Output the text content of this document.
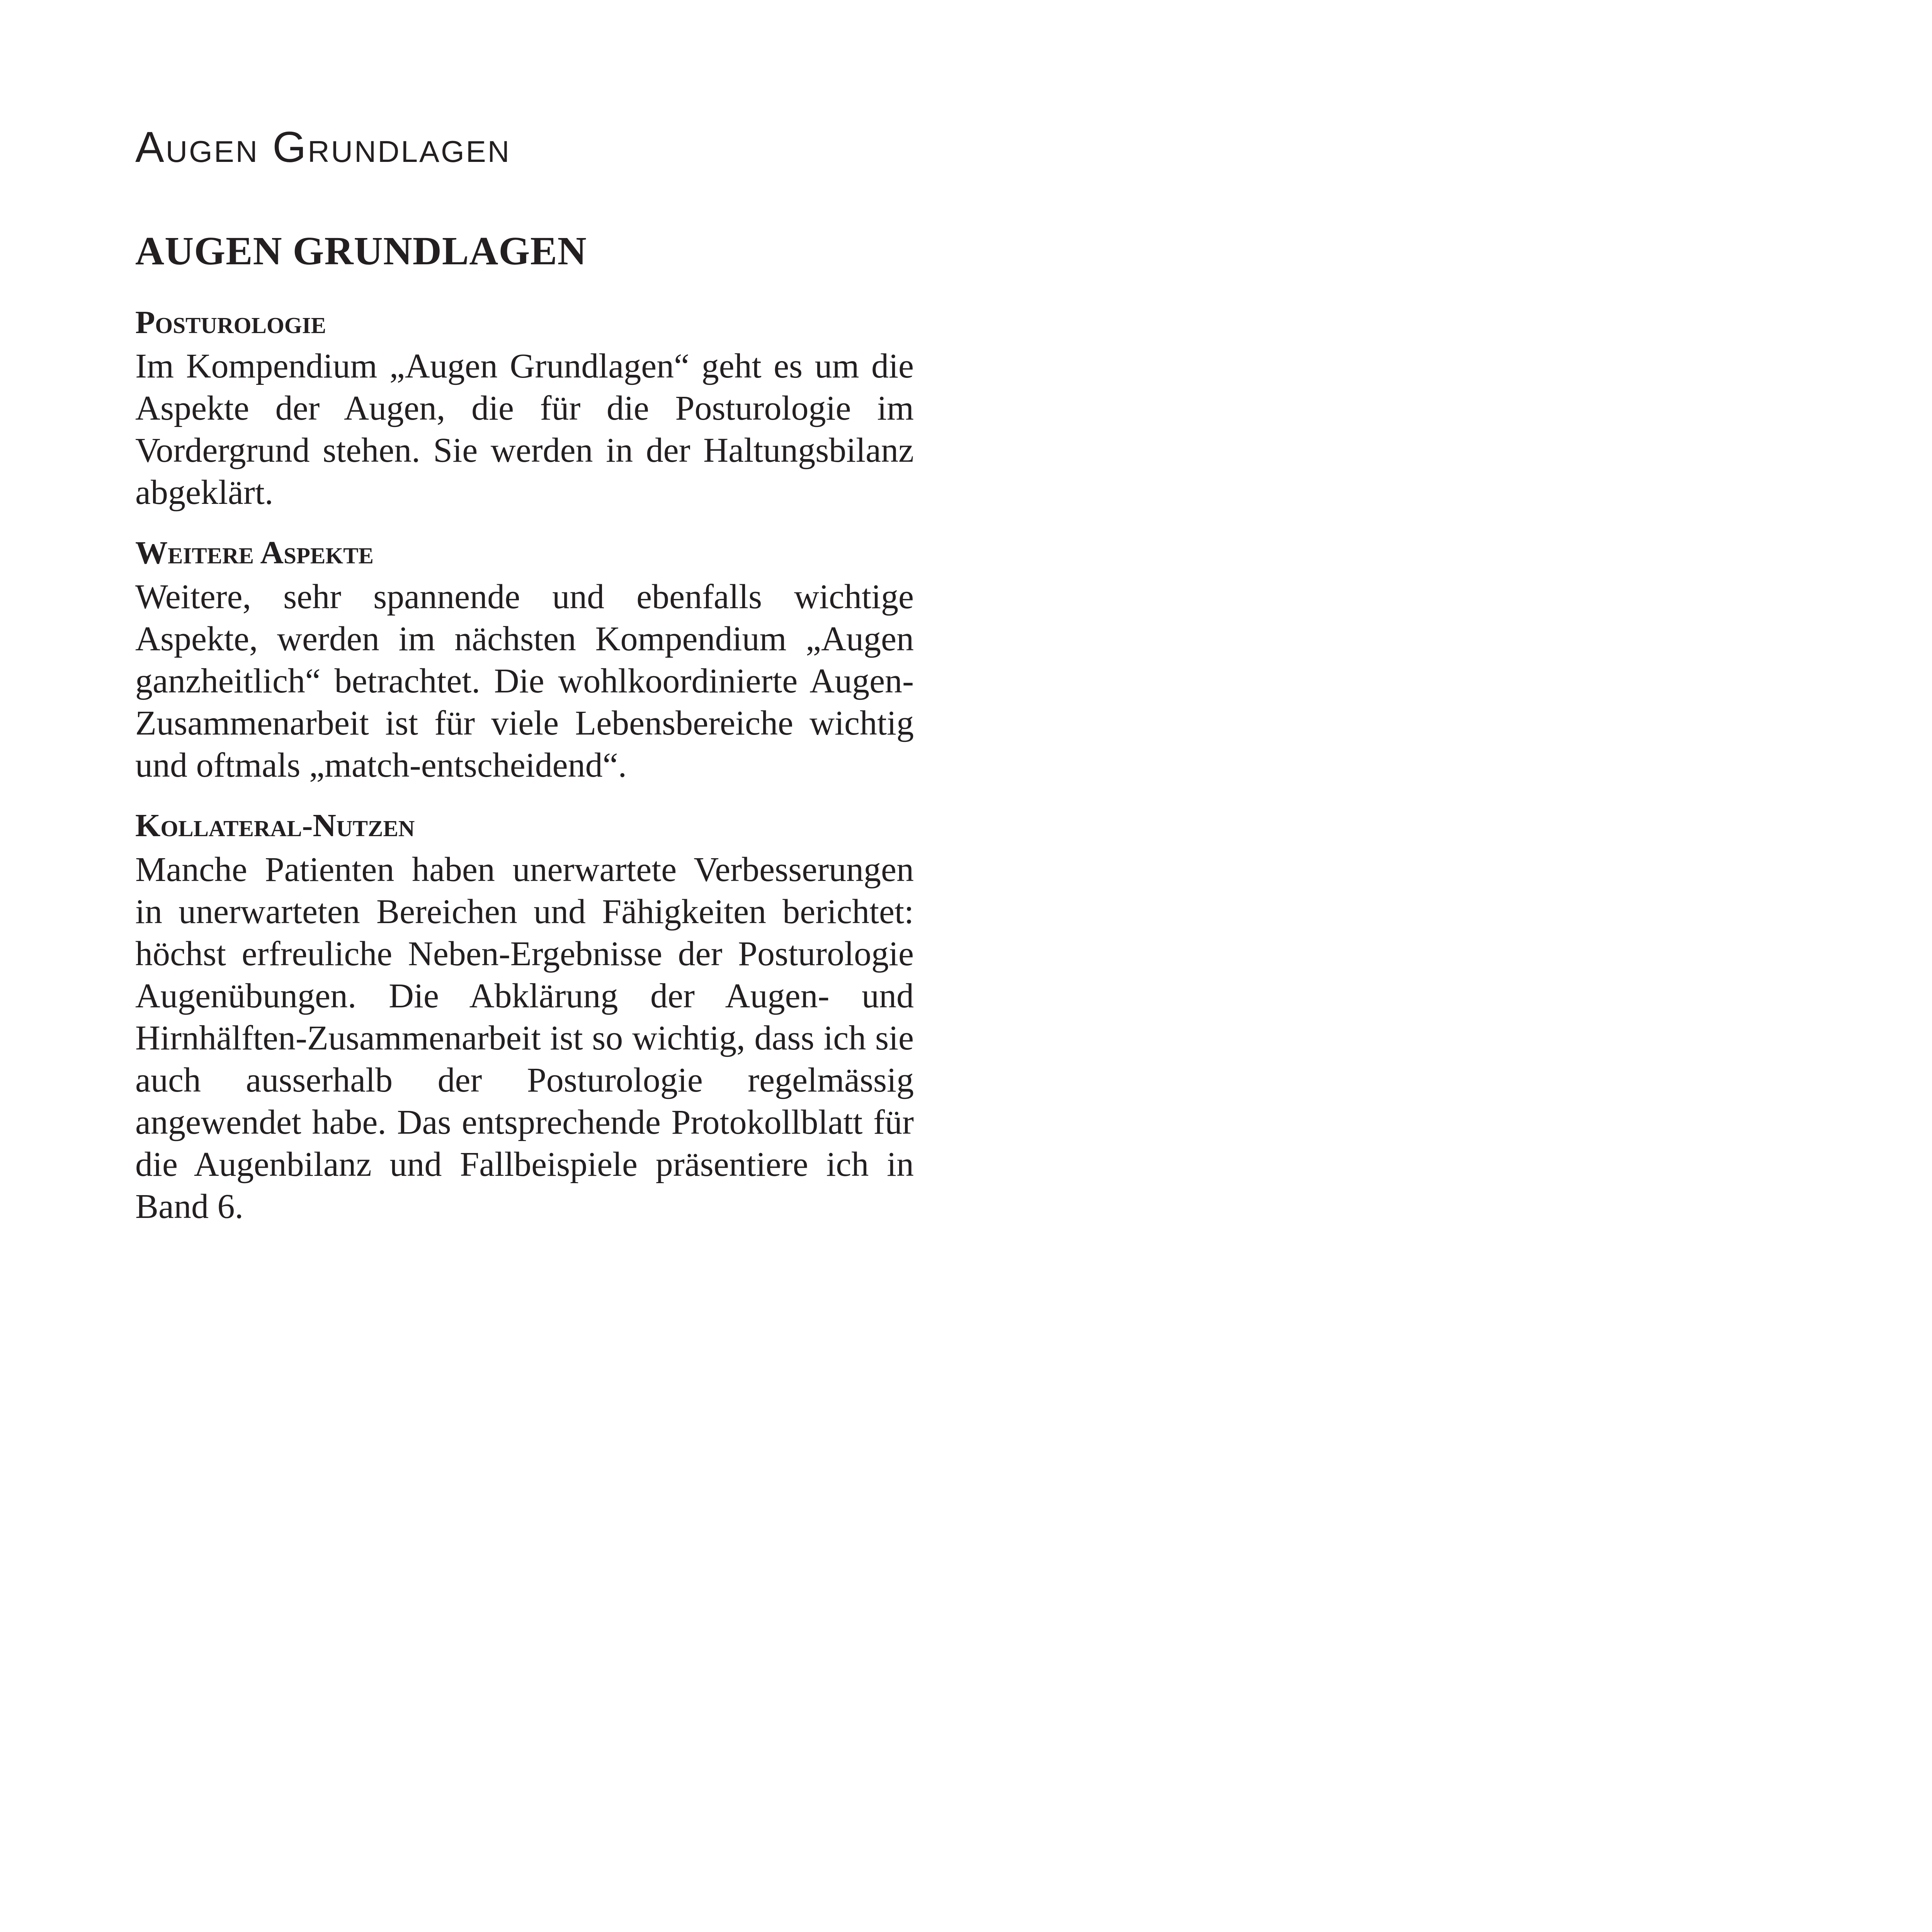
Augen Grundlagen
AUGEN GRUNDLAGEN
Posturologie

Im Kompendium „Augen Grundlagen“ geht es um die Aspekte der Augen, die für die Posturologie im Vordergrund stehen. Sie werden in der Haltungsbilanz abgeklärt.

Weitere Aspekte

Weitere, sehr spannende und ebenfalls wichtige Aspekte, werden im nächsten Kompendium „Augen ganzheitlich“ betrachtet. Die wohlkoordinierte Augen-Zusammenarbeit ist für viele Lebensbereiche wichtig und oftmals „match-entscheidend“.

Kollateral-Nutzen

Manche Patienten haben unerwartete Verbesserungen in unerwarteten Bereichen und Fähigkeiten berichtet: höchst erfreuliche Neben-Ergebnisse der Posturologie Augenübungen. Die Abklärung der Augen- und Hirnhälften-Zusammenarbeit ist so wichtig, dass ich sie auch ausserhalb der Posturologie regelmässig angewendet habe. Das entsprechende Protokollblatt für die Augenbilanz und Fallbeispiele präsentiere ich in Band 6.
